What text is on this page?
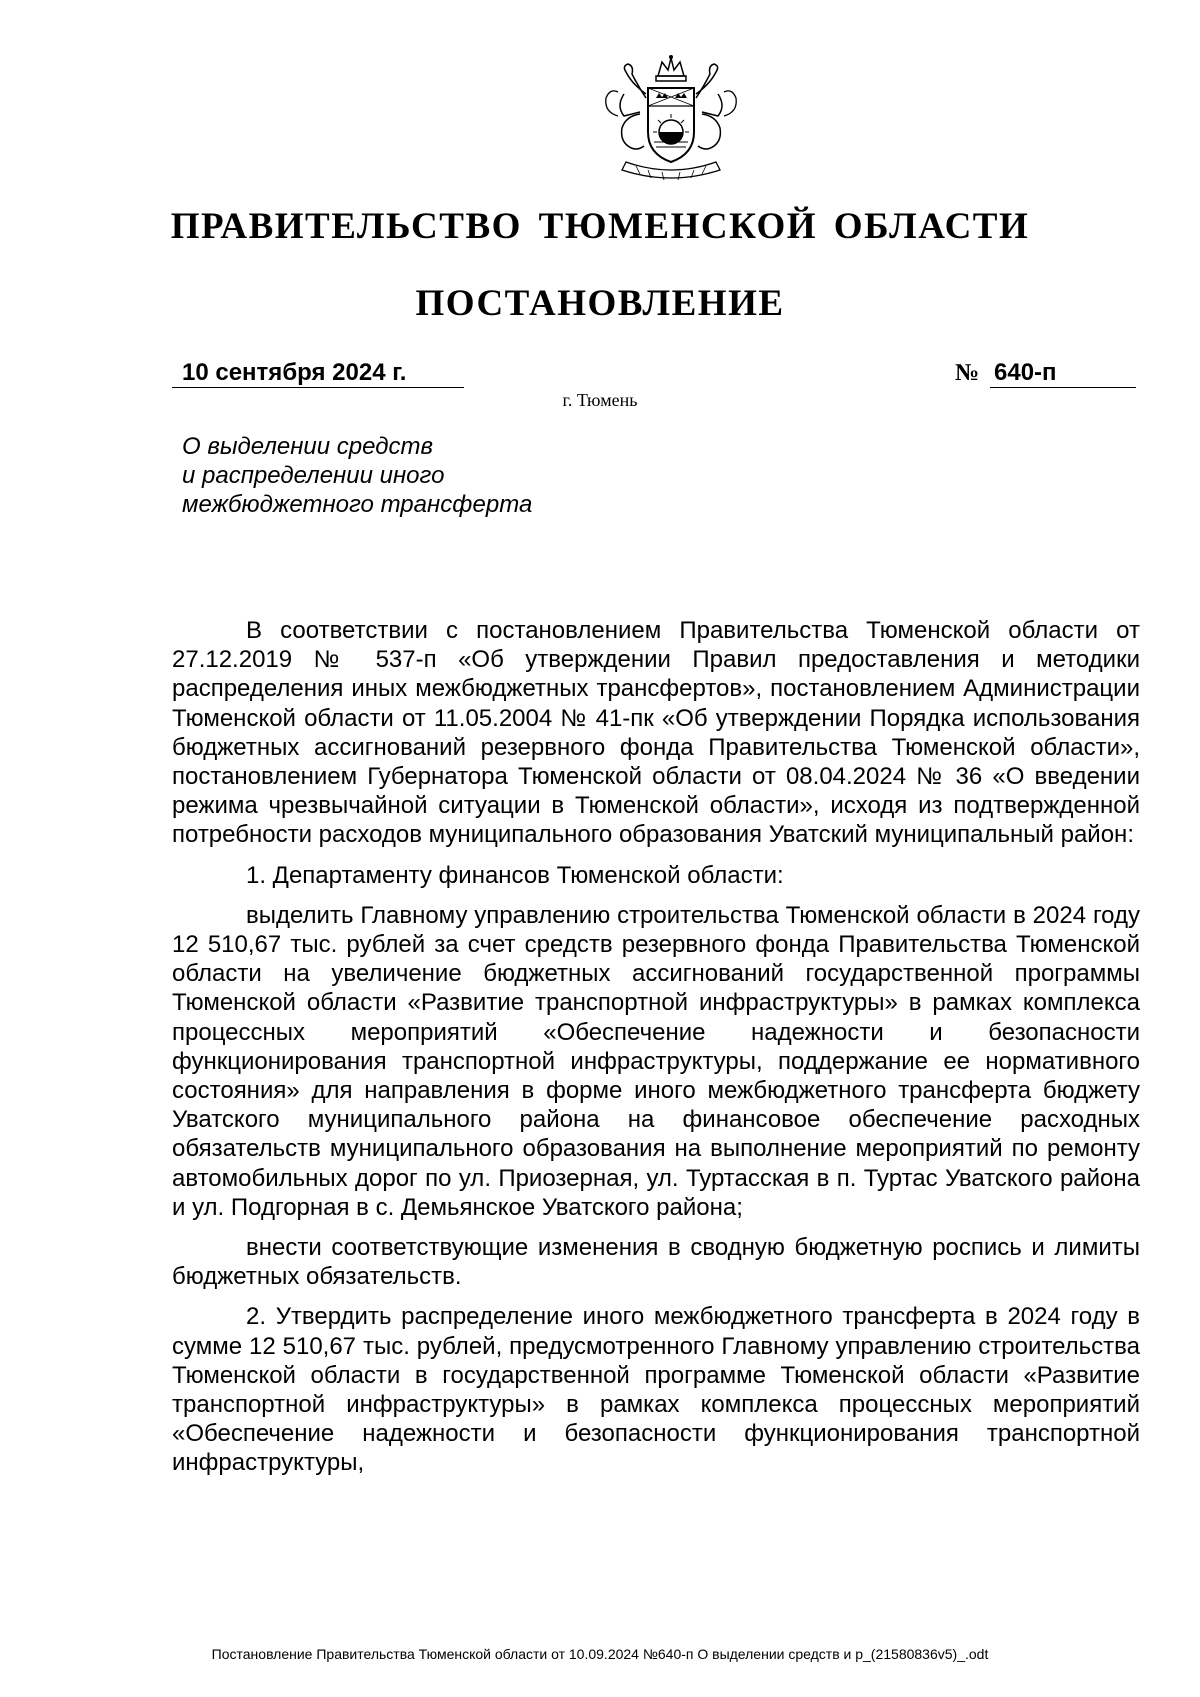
ПРАВИТЕЛЬСТВО ТЮМЕНСКОЙ ОБЛАСТИ
ПОСТАНОВЛЕНИЕ
10 сентября 2024 г.	№ 640-п
г. Тюмень
О выделении средств
и распределении иного
межбюджетного трансферта

В соответствии с постановлением Правительства Тюменской области от 27.12.2019 № 537-п «Об утверждении Правил предоставления и методики распределения иных межбюджетных трансфертов», постановлением Администрации Тюменской области от 11.05.2004 № 41-пк «Об утверждении Порядка использования бюджетных ассигнований резервного фонда Правительства Тюменской области», постановлением Губернатора Тюменской области от 08.04.2024 № 36 «О введении режима чрезвычайной ситуации в Тюменской области», исходя из подтвержденной потребности расходов муниципального образования Уватский муниципальный район:

1. Департаменту финансов Тюменской области:

выделить Главному управлению строительства Тюменской области в 2024 году 12 510,67 тыс. рублей за счет средств резервного фонда Правительства Тюменской области на увеличение бюджетных ассигнований государственной программы Тюменской области «Развитие транспортной инфраструктуры» в рамках комплекса процессных мероприятий «Обеспечение надежности и безопасности функционирования транспортной инфраструктуры, поддержание ее нормативного состояния» для направления в форме иного межбюджетного трансферта бюджету Уватского муниципального района на финансовое обеспечение расходных обязательств муниципального образования на выполнение мероприятий по ремонту автомобильных дорог по ул. Приозерная, ул. Туртасская в п. Туртас Уватского района и ул. Подгорная в с. Демьянское Уватского района;

внести соответствующие изменения в сводную бюджетную роспись и лимиты бюджетных обязательств.

2. Утвердить распределение иного межбюджетного трансферта в 2024 году в сумме 12 510,67 тыс. рублей, предусмотренного Главному управлению строительства Тюменской области в государственной программе Тюменской области «Развитие транспортной инфраструктуры» в рамках комплекса процессных мероприятий «Обеспечение надежности и безопасности функционирования транспортной инфраструктуры,

Постановление Правительства Тюменской области от 10.09.2024 №640-п О выделении средств и р_(21580836v5)_.odt
